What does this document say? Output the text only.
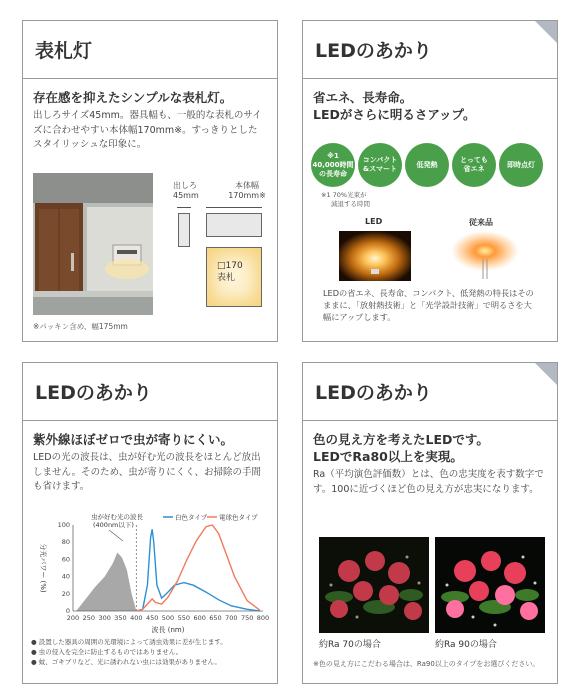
表札灯
存在感を抑えたシンプルな表札灯。
出しろサイズ45mm。器具幅も、一般的な表札のサイズに合わせやすい本体幅170mm※。すっきりとしたスタイリッシュな印象に。
出しろ
45mm
本体幅
170mm※
□170
表札
※パッキン含め、幅175mm
LEDのあかり
省エネ、長寿命。
LEDがさらに明るさアップ。
※1
40,000時間
の長寿命
コンパクト
&スマート
低発熱
とっても
省エネ
即時点灯
※1 70%光束が
減退する時間
LED	従来品
LEDの省エネ、長寿命、コンパクト、低発熱の特長はそのままに、「放射熱技術」と「光学設計技術」で明るさを大幅にアップします。
LEDのあかり
紫外線ほぼゼロで虫が寄りにくい。
LEDの光の波長は、虫が好む光の波長をほとんど放出しません。そのため、虫が寄りにくく、お掃除の手間も省けます。
200 250 300 350 400 450 500 550 600 650 700 750 800
0
20
40
60
80
100
白色タイプ 電球色タイプ
虫が好む光の波長
(400nm以下)
波長 (nm)
分光パワー (%)
● 設置した器具の周囲の光環境によって誘虫効果に差が生じます。
● 虫の侵入を完全に防止するものではありません。
● 蚊、ゴキブリなど、光に誘われない虫には効果がありません。
LEDのあかり
色の見え方を考えたLEDです。
LEDでRa80以上を実現。
Ra（平均演色評価数）とは、色の忠実度を表す数字です。100に近づくほど色の見え方が忠実になります。
約Ra 70の場合	約Ra 90の場合
※色の見え方にこだわる場合は、Ra90以上のタイプをお選びください。
